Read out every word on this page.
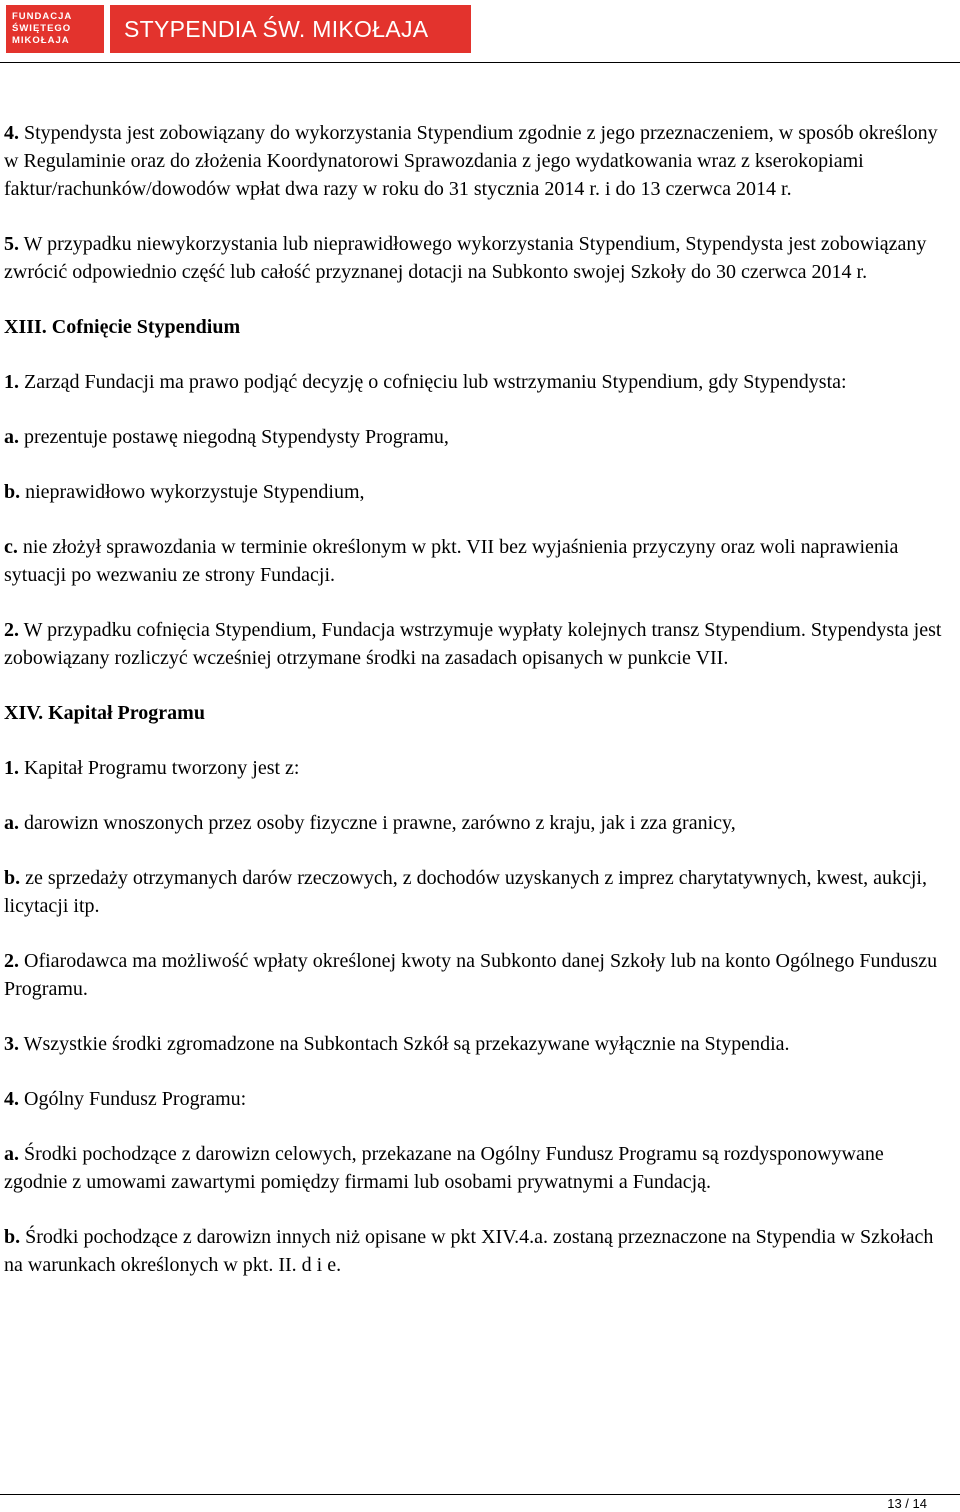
FUNDACJA
ŚWIĘTEGO
MIKOŁAJA	STYPENDIA ŚW. MIKOŁAJA
4. Stypendysta jest zobowiązany do wykorzystania Stypendium zgodnie z jego przeznaczeniem, w sposób określony w Regulaminie oraz do złożenia Koordynatorowi Sprawozdania z jego wydatkowania wraz z kserokopiami faktur/rachunków/dowodów wpłat dwa razy w roku do 31 stycznia 2014 r. i do 13 czerwca 2014 r.
5. W przypadku niewykorzystania lub nieprawidłowego wykorzystania Stypendium, Stypendysta jest zobowiązany zwrócić odpowiednio część lub całość przyznanej dotacji na Subkonto swojej Szkoły do 30 czerwca 2014 r.
XIII. Cofnięcie Stypendium
1. Zarząd Fundacji ma prawo podjąć decyzję o cofnięciu lub wstrzymaniu Stypendium, gdy Stypendysta:
a. prezentuje postawę niegodną Stypendysty Programu,
b. nieprawidłowo wykorzystuje Stypendium,
c. nie złożył sprawozdania w terminie określonym w pkt. VII bez wyjaśnienia przyczyny oraz woli naprawienia sytuacji po wezwaniu ze strony Fundacji.
2. W przypadku cofnięcia Stypendium, Fundacja wstrzymuje wypłaty kolejnych transz Stypendium. Stypendysta jest zobowiązany rozliczyć wcześniej otrzymane środki na zasadach opisanych w punkcie VII.
XIV. Kapitał Programu
1. Kapitał Programu tworzony jest z:
a. darowizn wnoszonych przez osoby fizyczne i prawne, zarówno z kraju, jak i zza granicy,
b. ze sprzedaży otrzymanych darów rzeczowych, z dochodów uzyskanych z imprez charytatywnych, kwest, aukcji, licytacji itp.
2. Ofiarodawca ma możliwość wpłaty określonej kwoty na Subkonto danej Szkoły lub na konto Ogólnego Funduszu Programu.
3. Wszystkie środki zgromadzone na Subkontach Szkół są przekazywane wyłącznie na Stypendia.
4. Ogólny Fundusz Programu:
a. Środki pochodzące z darowizn celowych, przekazane na Ogólny Fundusz Programu są rozdysponowywane zgodnie z umowami zawartymi pomiędzy firmami lub osobami prywatnymi a Fundacją.
b. Środki pochodzące z darowizn innych niż opisane w pkt XIV.4.a. zostaną przeznaczone na Stypendia w Szkołach na warunkach określonych w pkt. II. d i e.
13 / 14
